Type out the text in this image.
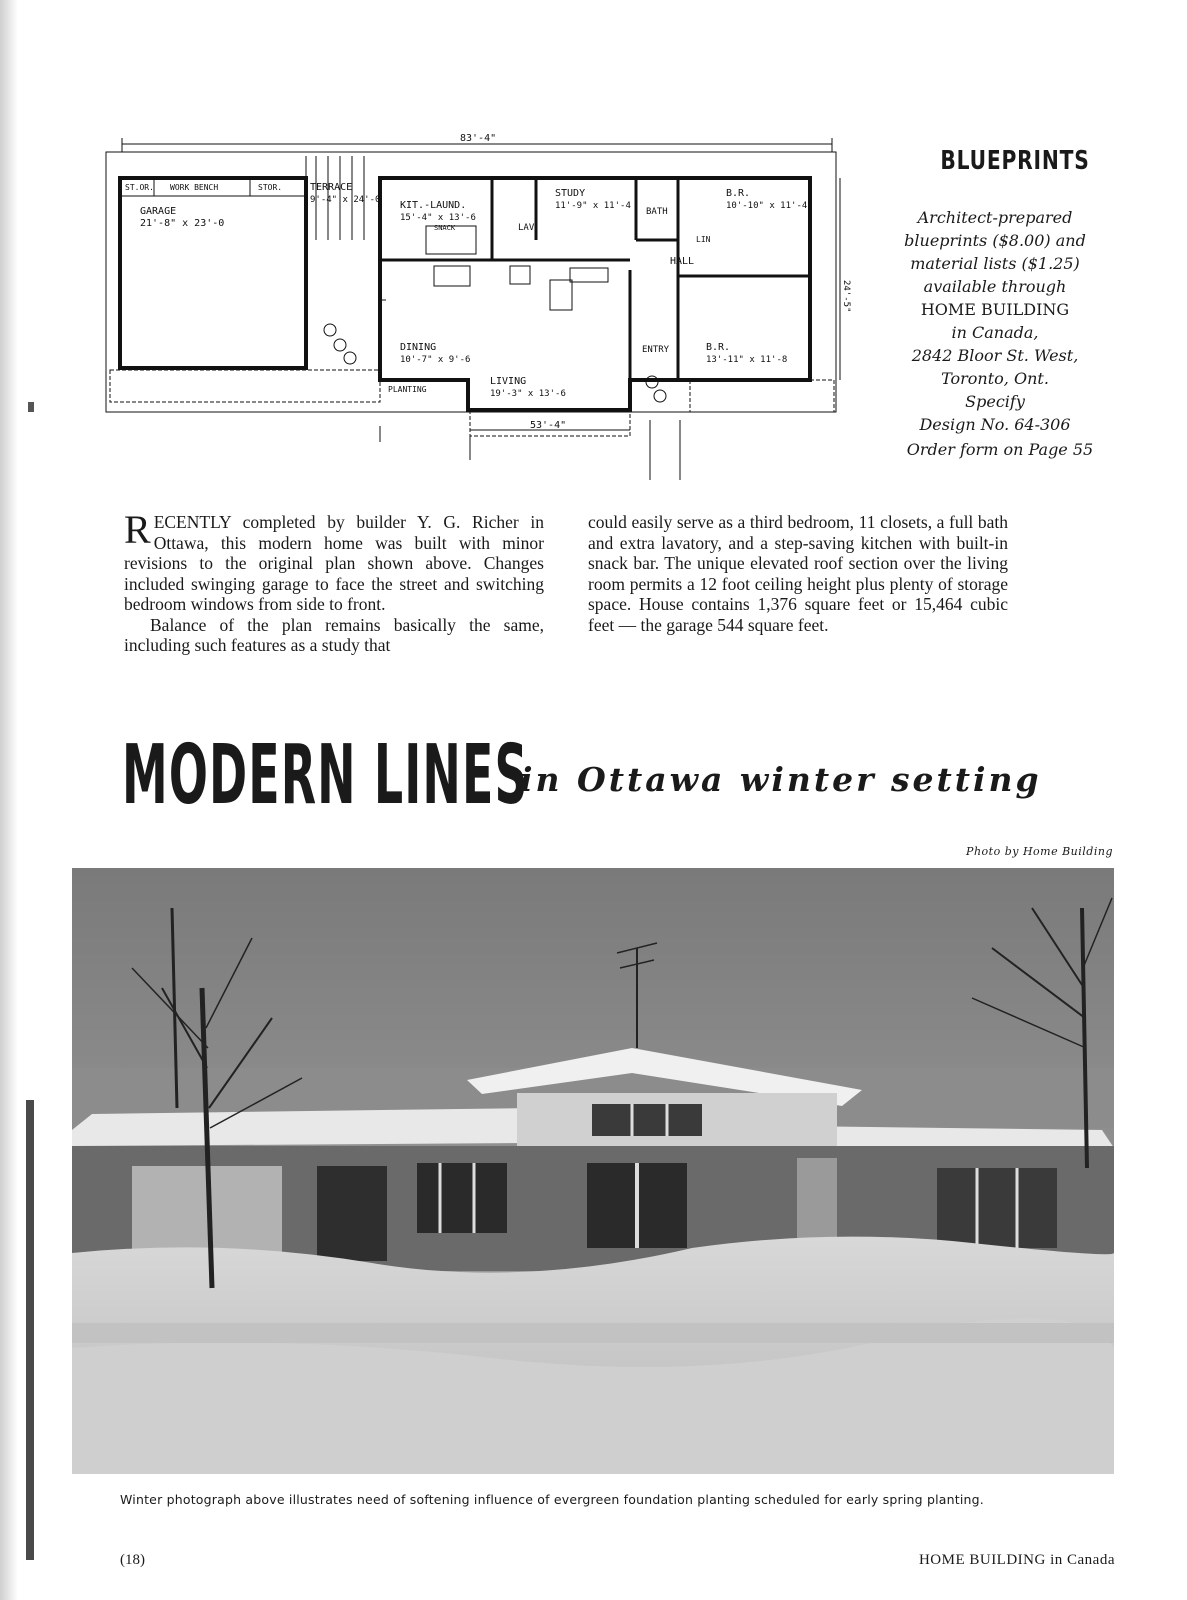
83'-4"
ST.OR. WORK BENCH	STOR.
GARAGE
21'-8" x 23'-0
TERRACE
9'-4" x 24'-0 KIT.-LAUND.
15'-4" x 13'-6
SNACK
STUDY
11'-9" x 11'-4
LAV
BATH
B.R.
10'-10" x 11'-4
LIN
HALL
DINING
10'-7" x 9'-6
PLANTING
LIVING
19'-3" x 13'-6
ENTRY	B.R.
13'-11" x 11'-8
53'-4"
24'-5"
BLUEPRINTS
Architect-prepared
blueprints ($8.00) and
material lists ($1.25)
available through
HOME BUILDING
in Canada,
2842 Bloor St. West,
Toronto, Ont.
Specify
Design No. 64-306
Order form on Page 55

RECENTLY completed by builder Y. G. Richer in Ottawa, this modern home was built with minor revisions to the original plan shown above. Changes included swinging garage to face the street and switching bedroom windows from side to front.

Balance of the plan remains basically the same, including such features as a study that

could easily serve as a third bedroom, 11 closets, a full bath and extra lavatory, and a step-saving kitchen with built-in snack bar. The unique elevated roof section over the living room permits a 12 foot ceiling height plus plenty of storage space. House contains 1,376 square feet or 15,464 cubic feet — the garage 544 square feet.

MODERN LINES
in Ottawa winter setting
Photo by Home Building
Winter photograph above illustrates need of softening influence of evergreen foundation planting scheduled for early spring planting.
(18)	HOME BUILDING in Canada
